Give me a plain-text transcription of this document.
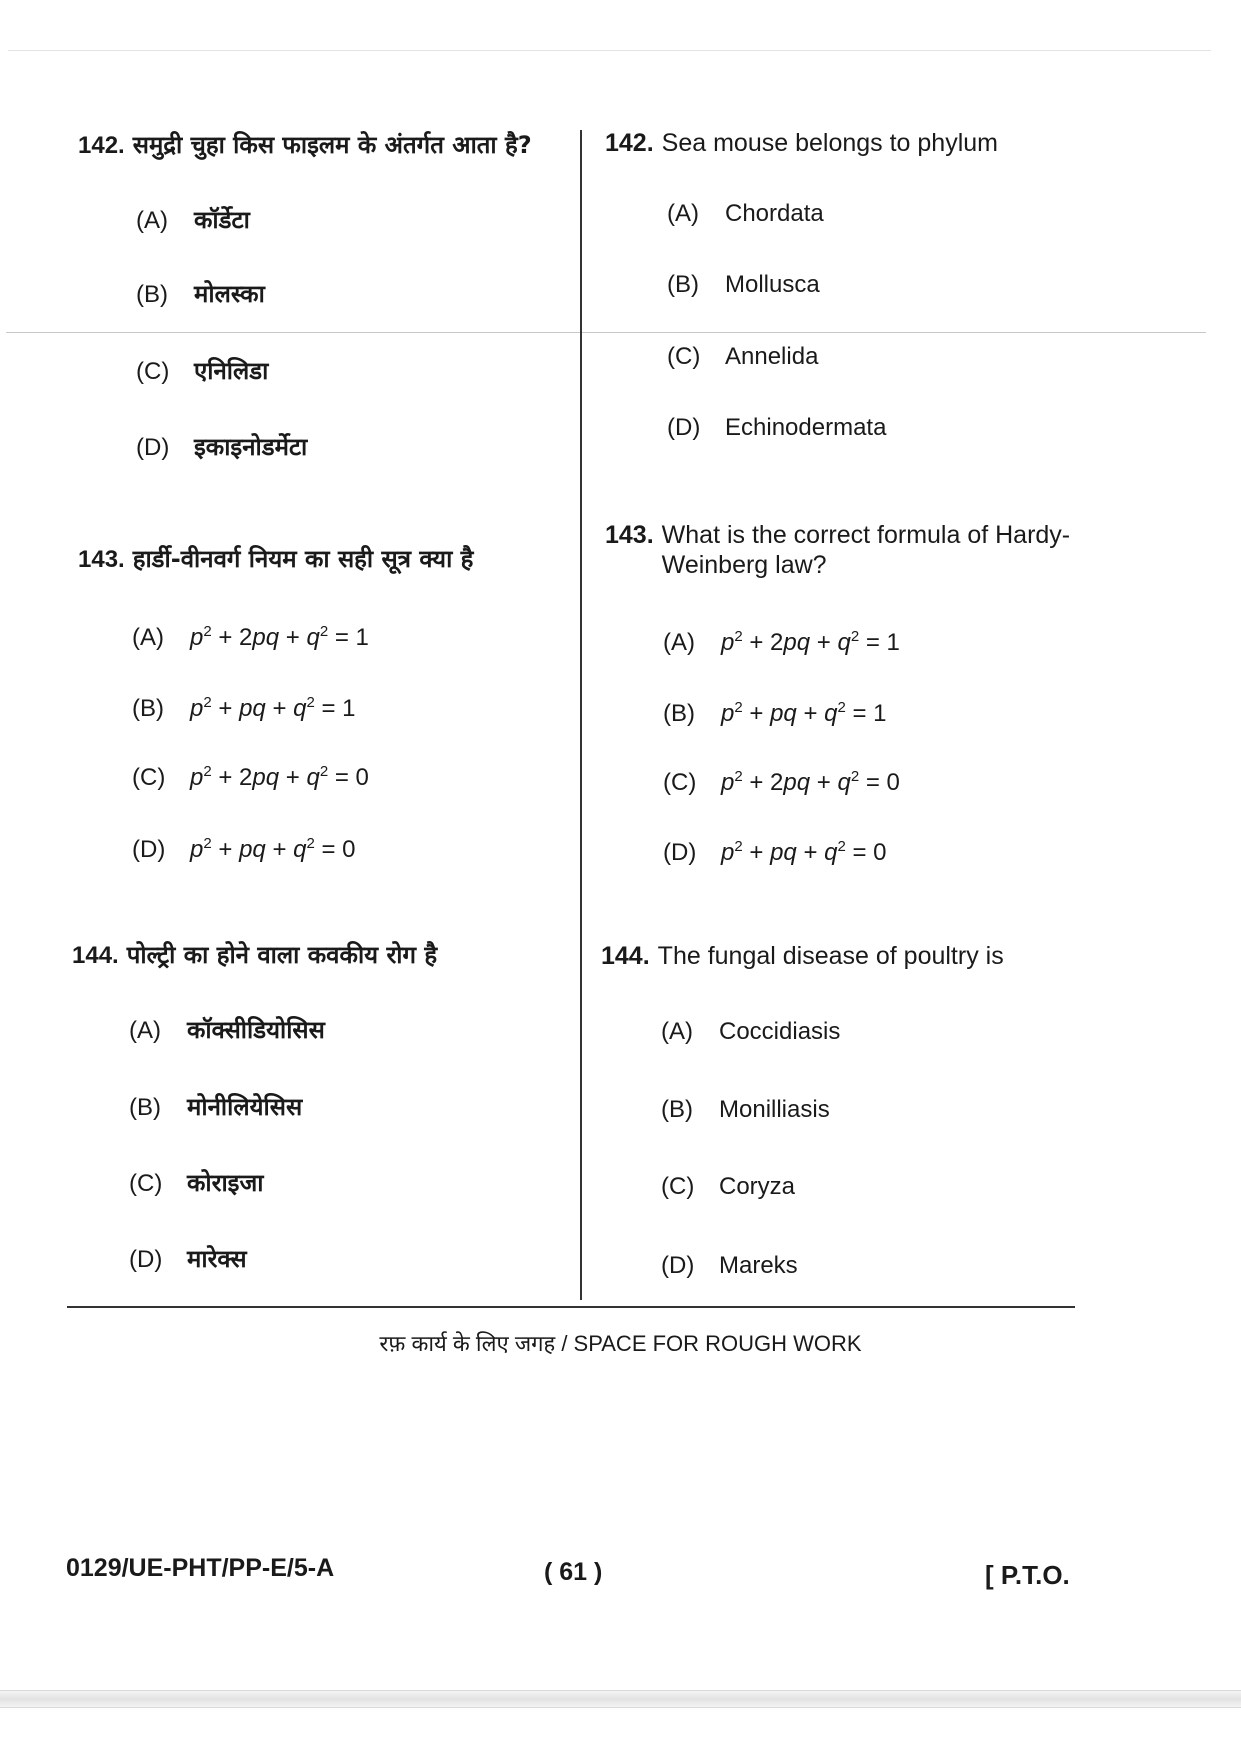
142. समुद्री चुहा किस फाइलम के अंतर्गत आता है?
(A) कॉर्डेटा
(B) मोलस्का
(C) एनिलिडा
(D) इकाइनोडर्मेटा
143. हार्डी-वीनवर्ग नियम का सही सूत्र क्या है
(A) $p^2 + 2pq + q^2 = 1$
(B) $p^2$ + pq + $q^2 = 1$
(C) $p^2 + 2pq + q^2 = 0$
(D) $p^2$ + pq + $q^2 = 0$
144. पोल्ट्री का होने वाला कवकीय रोग है
(A) कॉक्सीडियोसिस
(B) मोनीलियेसिस
(C) कोराइजा
(D) मारेक्स
142. Sea mouse belongs to phylum
(A) Chordata
(B) Mollusca
(C) Annelida
(D) Echinodermata
143. What is the correct formula of Hardy-
Weinberg law?
(A) $p^2 + 2pq + q^2 = 1$
(B) $p^2$ + pq + $q^2 = 1$
(C) $p^2 + 2pq + q^2 = 0$
(D) $p^2$ + pq + $q^2 = 0$
144. The fungal disease of poultry is
(A) Coccidiasis
(B) Monilliasis
(C) Coryza
(D) Mareks
रफ़ कार्य के लिए जगह / SPACE FOR ROUGH WORK
0129/UE-PHT/PP-E/5-A	( 61 )	[ P.T.O.
